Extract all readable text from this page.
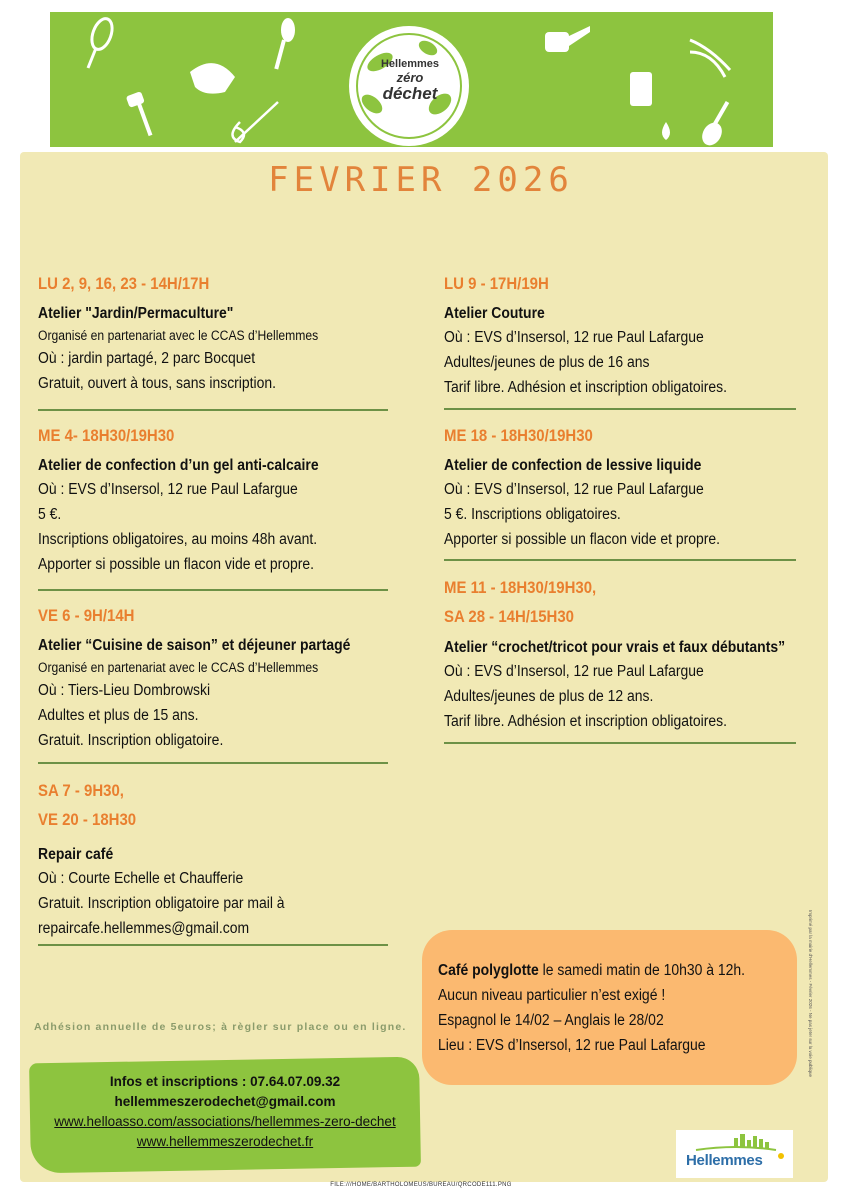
Hellemmes
zéro
déchet
FEVRIER 2026
LU 2, 9, 16, 23 - 14H/17H
Atelier "Jardin/Permaculture"
Organisé en partenariat avec le CCAS d’Hellemmes
Où : jardin partagé, 2 parc Bocquet
Gratuit, ouvert à tous, sans inscription.
ME 4- 18H30/19H30
Atelier de confection d’un gel anti-calcaire
Où : EVS d’Insersol, 12 rue Paul Lafargue
5 €.
Inscriptions obligatoires, au moins 48h avant.
Apporter si possible un flacon vide et propre.
VE 6 - 9H/14H
Atelier “Cuisine de saison” et déjeuner partagé
Organisé en partenariat avec le CCAS d’Hellemmes
Où : Tiers-Lieu Dombrowski
Adultes et plus de 15 ans.
Gratuit. Inscription obligatoire.
SA 7 - 9H30,
VE 20 - 18H30
Repair café
Où : Courte Echelle et Chaufferie
Gratuit. Inscription obligatoire par mail à
repaircafe.hellemmes@gmail.com
LU 9 - 17H/19H
Atelier Couture
Où : EVS d’Insersol, 12 rue Paul Lafargue
Adultes/jeunes de plus de 16 ans
Tarif libre. Adhésion et inscription obligatoires.
ME 18 - 18H30/19H30
Atelier de confection de lessive liquide
Où : EVS d’Insersol, 12 rue Paul Lafargue
5 €. Inscriptions obligatoires.
Apporter si possible un flacon vide et propre.
ME 11 - 18H30/19H30,
SA 28 - 14H/15H30
Atelier “crochet/tricot pour vrais et faux débutants”
Où : EVS d’Insersol, 12 rue Paul Lafargue
Adultes/jeunes de plus de 12 ans.
Tarif libre. Adhésion et inscription obligatoires.
Café polyglotte le samedi matin de 10h30 à 12h.
Aucun niveau particulier n’est exigé !
Espagnol le 14/02 – Anglais le 28/02
Lieu : EVS d’Insersol, 12 rue Paul Lafargue	Imprimé par la mairie d’Hellemmes - Février 2026 - Ne pas jeter sur la voie publique
Adhésion annuelle de 5euros; à règler sur place ou en ligne.
Infos et inscriptions : 07.64.07.09.32
hellemmeszerodechet@gmail.com
www.helloasso.com/associations/hellemmes-zero-dechet
www.hellemmeszerodechet.fr
Hellemmes
FILE:///HOME/BARTHOLOMEUS/BUREAU/QRCODE111.PNG
